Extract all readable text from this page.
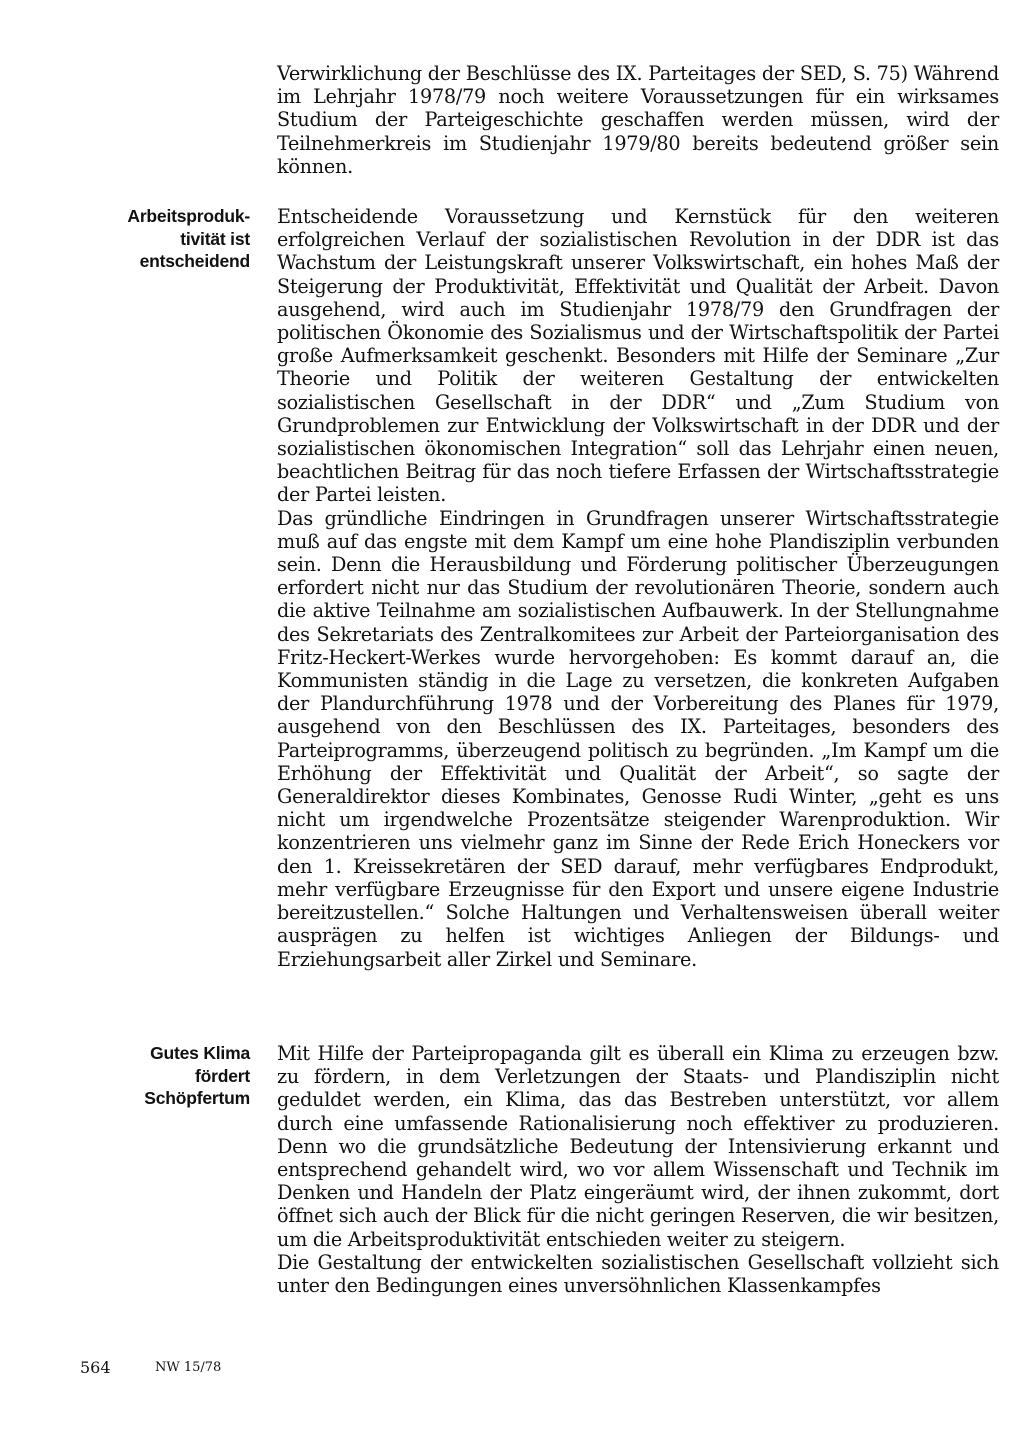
Verwirklichung der Beschlüsse des IX. Parteitages der SED, S. 75) Während im Lehrjahr 1978/79 noch weitere Voraussetzungen für ein wirksames Studium der Parteigeschichte geschaffen werden müssen, wird der Teilnehmerkreis im Studienjahr 1979/80 bereits bedeutend größer sein können.

Arbeitsproduk-
tivität ist
entscheidend

Entscheidende Voraussetzung und Kernstück für den weiteren erfolgreichen Verlauf der sozialistischen Revolution in der DDR ist das Wachstum der Leistungskraft unserer Volkswirtschaft, ein hohes Maß der Steigerung der Produktivität, Effektivität und Qualität der Arbeit. Davon ausgehend, wird auch im Studienjahr 1978/79 den Grundfragen der politischen Ökonomie des Sozialismus und der Wirtschaftspolitik der Partei große Aufmerksamkeit geschenkt. Besonders mit Hilfe der Seminare „Zur Theorie und Politik der weiteren Gestaltung der entwickelten sozialistischen Gesellschaft in der DDR“ und „Zum Studium von Grundproblemen zur Entwicklung der Volkswirtschaft in der DDR und der sozialistischen ökonomischen Integration“ soll das Lehrjahr einen neuen, beachtlichen Beitrag für das noch tiefere Erfassen der Wirtschaftsstrategie der Partei leisten.

Das gründliche Eindringen in Grundfragen unserer Wirtschaftsstrategie muß auf das engste mit dem Kampf um eine hohe Plandisziplin verbunden sein. Denn die Herausbildung und Förderung politischer Überzeugungen erfordert nicht nur das Studium der revolutionären Theorie, sondern auch die aktive Teilnahme am sozialistischen Aufbauwerk. In der Stellungnahme des Sekretariats des Zentralkomitees zur Arbeit der Parteiorganisation des Fritz-Heckert-Werkes wurde hervorgehoben: Es kommt darauf an, die Kommunisten ständig in die Lage zu versetzen, die konkreten Aufgaben der Plandurchführung 1978 und der Vorbereitung des Planes für 1979, ausgehend von den Beschlüssen des IX. Parteitages, besonders des Parteiprogramms, überzeugend politisch zu begründen. „Im Kampf um die Erhöhung der Effektivität und Qualität der Arbeit“, so sagte der Generaldirektor dieses Kombinates, Genosse Rudi Winter, „geht es uns nicht um irgendwelche Prozentsätze steigender Warenproduktion. Wir konzentrieren uns vielmehr ganz im Sinne der Rede Erich Honeckers vor den 1. Kreissekretären der SED darauf, mehr verfügbares Endprodukt, mehr verfügbare Erzeugnisse für den Export und unsere eigene Industrie bereitzustellen.“ Solche Haltungen und Verhaltensweisen überall weiter ausprägen zu helfen ist wichtiges Anliegen der Bildungs- und Erziehungsarbeit aller Zirkel und Seminare.

Gutes Klima
fördert
Schöpfertum

Mit Hilfe der Parteipropaganda gilt es überall ein Klima zu erzeugen bzw. zu fördern, in dem Verletzungen der Staats- und Plandisziplin nicht geduldet werden, ein Klima, das das Bestreben unterstützt, vor allem durch eine umfassende Rationalisierung noch effektiver zu produzieren. Denn wo die grundsätzliche Bedeutung der Intensivierung erkannt und entsprechend gehandelt wird, wo vor allem Wissenschaft und Technik im Denken und Handeln der Platz eingeräumt wird, der ihnen zukommt, dort öffnet sich auch der Blick für die nicht geringen Reserven, die wir besitzen, um die Arbeitsproduktivität entschieden weiter zu steigern.

Die Gestaltung der entwickelten sozialistischen Gesellschaft vollzieht sich unter den Bedingungen eines unversöhnlichen Klassenkampfes

564	NW 15/78
